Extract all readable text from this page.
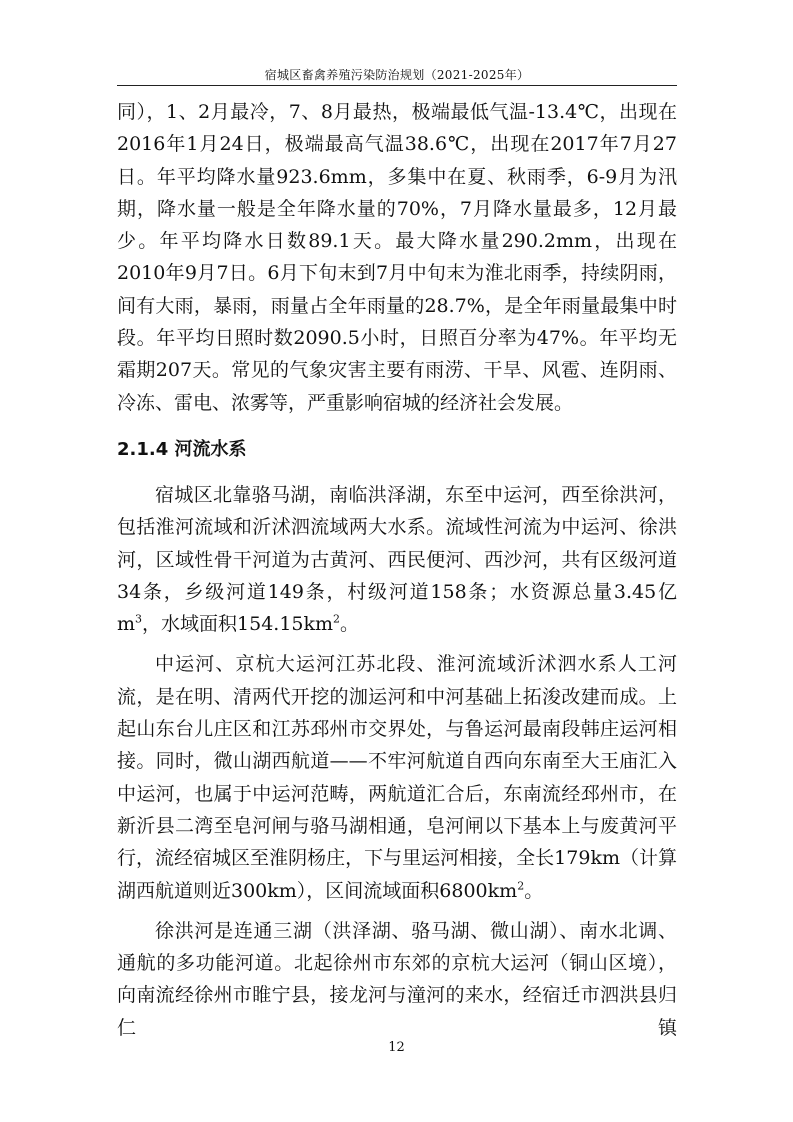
宿城区畜禽养殖污染防治规划（2021-2025年）

同），1、2月最冷，7、8月最热，极端最低气温-13.4℃，出现在2016年1月24日，极端最高气温38.6℃，出现在2017年7月27日。年平均降水量923.6mm，多集中在夏、秋雨季，6-9月为汛期，降水量一般是全年降水量的70%，7月降水量最多，12月最少。年平均降水日数89.1天。最大降水量290.2mm，出现在2010年9月7日。6月下旬末到7月中旬末为淮北雨季，持续阴雨，间有大雨，暴雨，雨量占全年雨量的28.7%，是全年雨量最集中时段。年平均日照时数2090.5小时，日照百分率为47%。年平均无霜期207天。常见的气象灾害主要有雨涝、干旱、风雹、连阴雨、冷冻、雷电、浓雾等，严重影响宿城的经济社会发展。

2.1.4 河流水系

宿城区北靠骆马湖，南临洪泽湖，东至中运河，西至徐洪河，包括淮河流域和沂沭泗流域两大水系。流域性河流为中运河、徐洪河，区域性骨干河道为古黄河、西民便河、西沙河，共有区级河道34条，乡级河道149条，村级河道158条；水资源总量3.45亿$m^3$，水域面积$154.15km^2$。

中运河、京杭大运河江苏北段、淮河流域沂沭泗水系人工河流，是在明、清两代开挖的泇运河和中河基础上拓浚改建而成。上起山东台儿庄区和江苏邳州市交界处，与鲁运河最南段韩庄运河相接。同时，微山湖西航道——不牢河航道自西向东南至大王庙汇入中运河，也属于中运河范畴，两航道汇合后，东南流经邳州市，在新沂县二湾至皂河闸与骆马湖相通，皂河闸以下基本上与废黄河平行，流经宿城区至淮阴杨庄，下与里运河相接，全长179km（计算湖西航道则近300km），区间流域面积$6800km^2$。

徐洪河是连通三湖（洪泽湖、骆马湖、微山湖）、南水北调、通航的多功能河道。北起徐州市东郊的京杭大运河（铜山区境），向南流经徐州市睢宁县，接龙河与潼河的来水，经宿迁市泗洪县归仁镇

12
